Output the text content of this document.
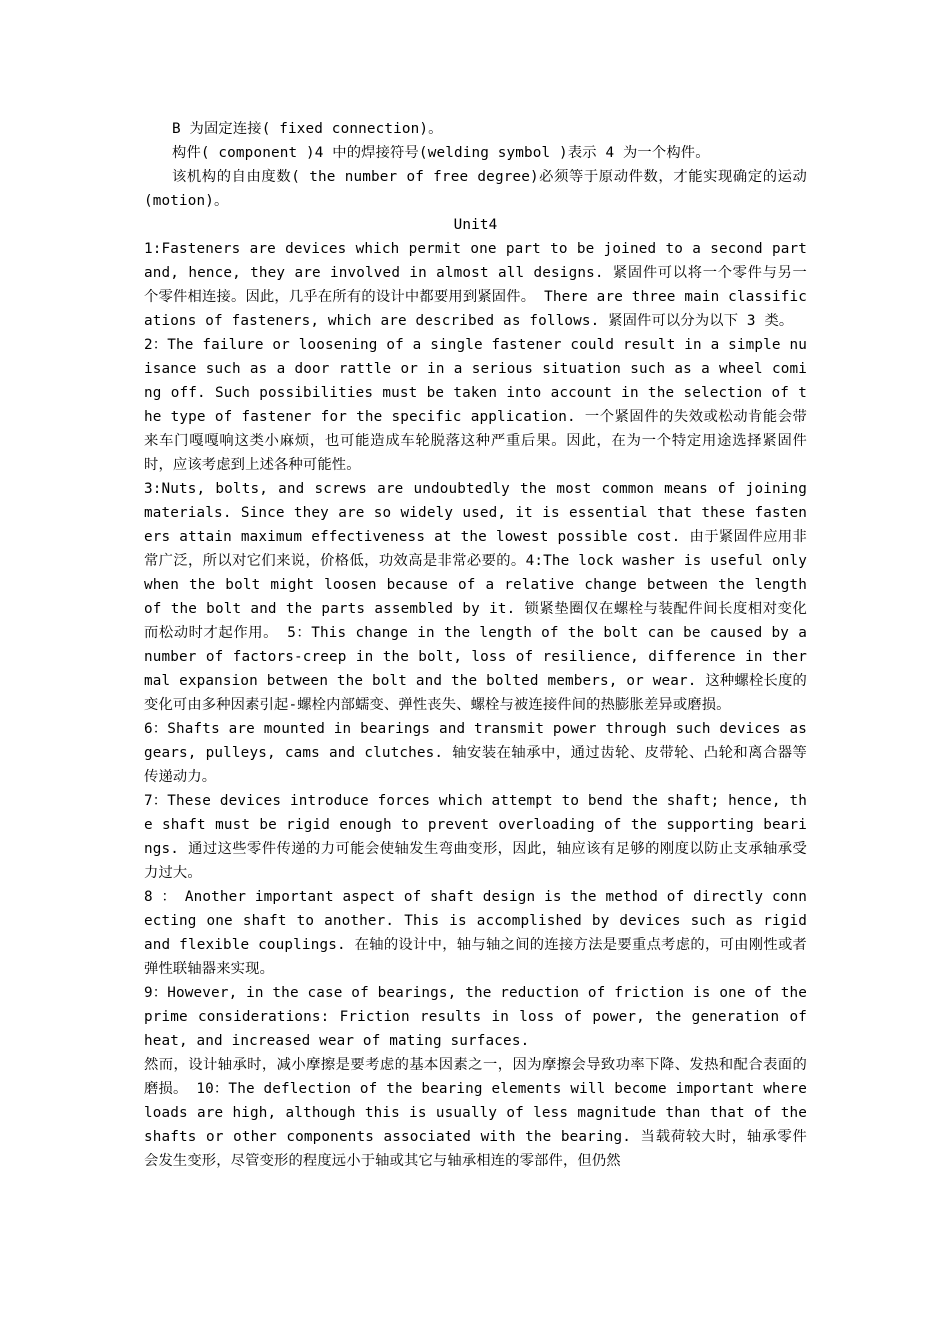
B 为固定连接( fixed connection)。

构件( component )4 中的焊接符号(welding symbol )表示 4 为一个构件。

该机构的自由度数( the number of free degree)必须等于原动件数，才能实现确定的运动(motion)。

Unit4

1:Fasteners are devices which permit one part to be joined to a second part and, hence, they are involved in almost all designs. 紧固件可以将一个零件与另一个零件相连接。因此，几乎在所有的设计中都要用到紧固件。 There are three main classifications of fasteners, which are described as follows. 紧固件可以分为以下 3 类。

2：The failure or loosening of a single fastener could result in a simple nuisance such as a door rattle or in a serious situation such as a wheel coming off. Such possibilities must be taken into account in the selection of the type of fastener for the specific application. 一个紧固件的失效或松动肯能会带来车门嘎嘎响这类小麻烦，也可能造成车轮脱落这种严重后果。因此，在为一个特定用途选择紧固件时，应该考虑到上述各种可能性。

3:Nuts, bolts, and screws are undoubtedly the most common means of joining materials. Since they are so widely used, it is essential that these fasteners attain maximum effectiveness at the lowest possible cost. 由于紧固件应用非常广泛，所以对它们来说，价格低，功效高是非常必要的。4:The lock washer is useful only when the bolt might loosen because of a relative change between the length of the bolt and the parts assembled by it. 锁紧垫圈仅在螺栓与装配件间长度相对变化而松动时才起作用。 5：This change in the length of the bolt can be caused by a number of factors-creep in the bolt, loss of resilience, difference in thermal expansion between the bolt and the bolted members, or wear. 这种螺栓长度的变化可由多种因素引起-螺栓内部蠕变、弹性丧失、螺栓与被连接件间的热膨胀差异或磨损。

6：Shafts are mounted in bearings and transmit power through such devices as gears, pulleys, cams and clutches. 轴安装在轴承中，通过齿轮、皮带轮、凸轮和离合器等传递动力。

7：These devices introduce forces which attempt to bend the shaft; hence, the shaft must be rigid enough to prevent overloading of the supporting bearings. 通过这些零件传递的力可能会使轴发生弯曲变形，因此，轴应该有足够的刚度以防止支承轴承受力过大。

8 ： Another important aspect of shaft design is the method of directly connecting one shaft to another. This is accomplished by devices such as rigid and flexible couplings. 在轴的设计中，轴与轴之间的连接方法是要重点考虑的，可由刚性或者弹性联轴器来实现。

9：However, in the case of bearings, the reduction of friction is one of the prime considerations: Friction results in loss of power, the generation of heat, and increased wear of mating surfaces.

然而，设计轴承时，减小摩擦是要考虑的基本因素之一，因为摩擦会导致功率下降、发热和配合表面的磨损。 10：The deflection of the bearing elements will become important where loads are high, although this is usually of less magnitude than that of the shafts or other components associated with the bearing. 当载荷较大时，轴承零件会发生变形，尽管变形的程度远小于轴或其它与轴承相连的零部件，但仍然
